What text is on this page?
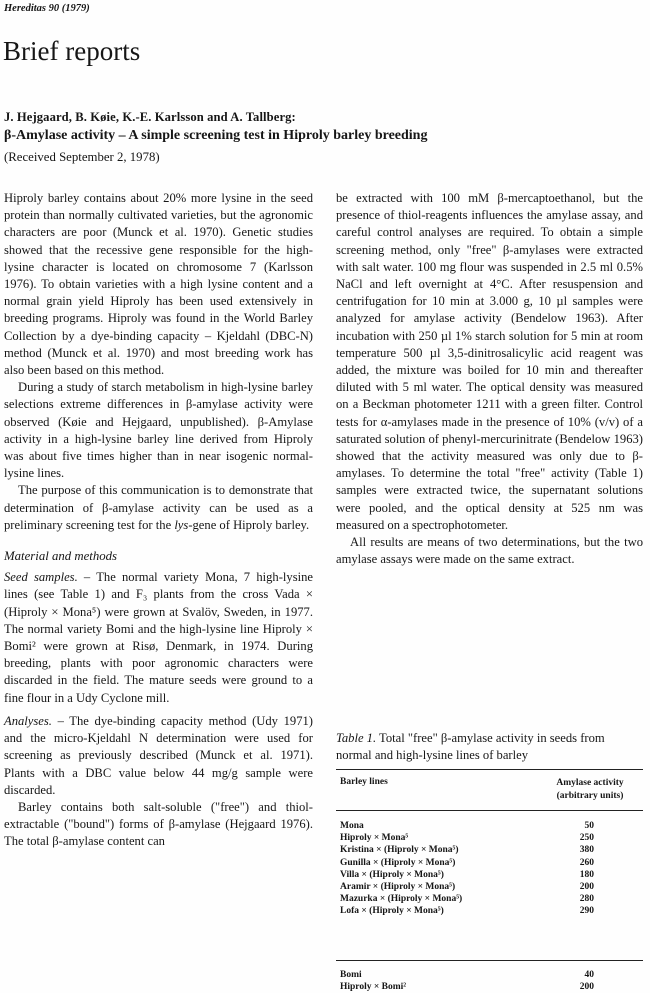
Hereditas 90 (1979)
Brief reports
J. Hejgaard, B. Køie, K.-E. Karlsson and A. Tallberg:
β-Amylase activity – A simple screening test in Hiproly barley breeding
(Received September 2, 1978)

Hiproly barley contains about 20% more lysine in the seed protein than normally cultivated varieties, but the agronomic characters are poor (Munck et al. 1970). Genetic studies showed that the recessive gene responsible for the high-lysine character is located on chromosome 7 (Karlsson 1976). To obtain varieties with a high lysine content and a normal grain yield Hiproly has been used extensively in breeding programs. Hiproly was found in the World Barley Collection by a dye-binding capacity – Kjeldahl (DBC-N) method (Munck et al. 1970) and most breeding work has also been based on this method.

During a study of starch metabolism in high-lysine barley selections extreme differences in β-amylase activity were observed (Køie and Hejgaard, unpublished). β-Amylase activity in a high-lysine barley line derived from Hiproly was about five times higher than in near isogenic normal-lysine lines.

The purpose of this communication is to demonstrate that determination of β-amylase activity can be used as a preliminary screening test for the lys-gene of Hiproly barley.

Material and methods

Seed samples. – The normal variety Mona, 7 high-lysine lines (see Table 1) and F₃ plants from the cross Vada × (Hiproly × Mona⁵) were grown at Svalöv, Sweden, in 1977. The normal variety Bomi and the high-lysine line Hiproly × Bomi² were grown at Risø, Denmark, in 1974. During breeding, plants with poor agronomic characters were discarded in the field. The mature seeds were ground to a fine flour in a Udy Cyclone mill.

Analyses. – The dye-binding capacity method (Udy 1971) and the micro-Kjeldahl N determination were used for screening as previously described (Munck et al. 1971). Plants with a DBC value below 44 mg/g sample were discarded.

Barley contains both salt-soluble ("free") and thiol-extractable ("bound") forms of β-amylase (Hejgaard 1976). The total β-amylase content can

be extracted with 100 mM β-mercaptoethanol, but the presence of thiol-reagents influences the amylase assay, and careful control analyses are required. To obtain a simple screening method, only "free" β-amylases were extracted with salt water. 100 mg flour was suspended in 2.5 ml 0.5% NaCl and left overnight at 4°C. After resuspension and centrifugation for 10 min at 3.000 g, 10 µl samples were analyzed for amylase activity (Bendelow 1963). After incubation with 250 µl 1% starch solution for 5 min at room temperature 500 µl 3,5-dinitrosalicylic acid reagent was added, the mixture was boiled for 10 min and thereafter diluted with 5 ml water. The optical density was measured on a Beckman photometer 1211 with a green filter. Control tests for α-amylases made in the presence of 10% (v/v) of a saturated solution of phenyl-mercurinitrate (Bendelow 1963) showed that the activity measured was only due to β-amylases. To determine the total "free" activity (Table 1) samples were extracted twice, the supernatant solutions were pooled, and the optical density at 525 nm was measured on a spectrophotometer.

All results are means of two determinations, but the two amylase assays were made on the same extract.

Table 1. Total "free" β-amylase activity in seeds from normal and high-lysine lines of barley
Barley lines	Amylase activity
(arbitrary units)
Mona	50
Hiproly × Mona⁵	250
Kristina × (Hiproly × Mona⁵)	380
Gunilla × (Hiproly × Mona⁵)	260
Villa × (Hiproly × Mona⁵)	180
Aramir × (Hiproly × Mona⁵)	200
Mazurka × (Hiproly × Mona⁵)	280
Lofa × (Hiproly × Mona⁵)	290
Bomi	40
Hiproly × Bomi²	200
